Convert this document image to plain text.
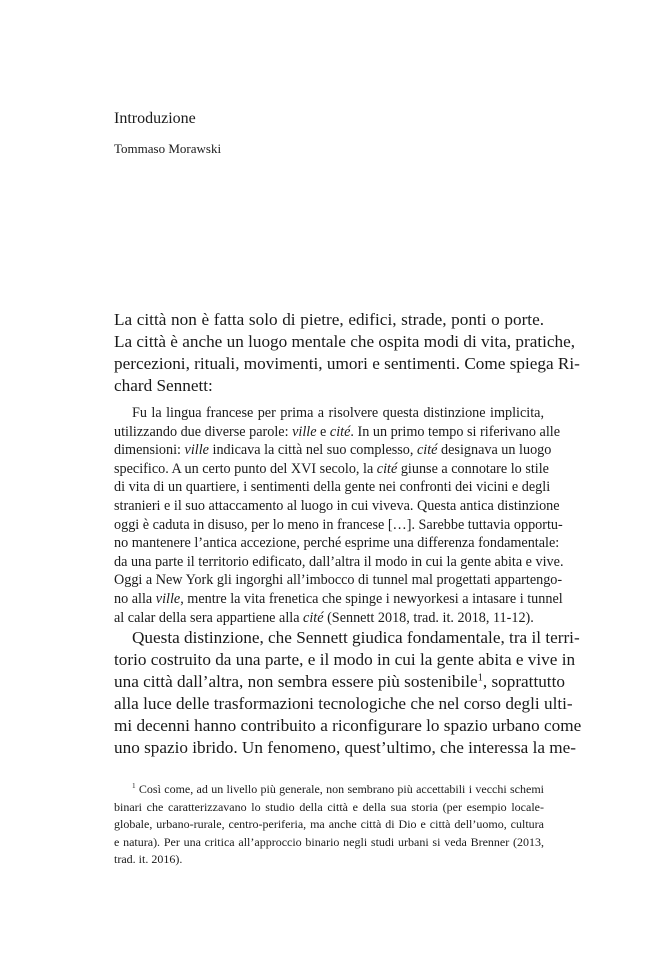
Introduzione

Tommaso Morawski

La città non è fatta solo di pietre, edifici, strade, ponti o porte.
La città è anche un luogo mentale che ospita modi di vita, pratiche,
percezioni, rituali, movimenti, umori e sentimenti. Come spiega Ri-
chard Sennett:
Fu la lingua francese per prima a risolvere questa distinzione implicita,
utilizzando due diverse parole: ville e cité. In un primo tempo si riferivano alle
dimensioni: ville indicava la città nel suo complesso, cité designava un luogo
specifico. A un certo punto del XVI secolo, la cité giunse a connotare lo stile
di vita di un quartiere, i sentimenti della gente nei confronti dei vicini e degli
stranieri e il suo attaccamento al luogo in cui viveva. Questa antica distinzione
oggi è caduta in disuso, per lo meno in francese […]. Sarebbe tuttavia opportu-
no mantenere l’antica accezione, perché esprime una differenza fondamentale:
da una parte il territorio edificato, dall’altra il modo in cui la gente abita e vive.
Oggi a New York gli ingorghi all’imbocco di tunnel mal progettati appartengo-
no alla ville, mentre la vita frenetica che spinge i newyorkesi a intasare i tunnel
al calar della sera appartiene alla cité (Sennett 2018, trad. it. 2018, 11-12).
Questa distinzione, che Sennett giudica fondamentale, tra il terri-
torio costruito da una parte, e il modo in cui la gente abita e vive in
una città dall’altra, non sembra essere più sostenibile$^1$, soprattutto
alla luce delle trasformazioni tecnologiche che nel corso degli ulti-
mi decenni hanno contribuito a riconfigurare lo spazio urbano come
uno spazio ibrido. Un fenomeno, quest’ultimo, che interessa la me-
$^1$ Così come, ad un livello più generale, non sembrano più accettabili i vecchi schemi
binari che caratterizzavano lo studio della città e della sua storia (per esempio locale-
globale, urbano-rurale, centro-periferia, ma anche città di Dio e città dell’uomo, cultura
e natura). Per una critica all’approccio binario negli studi urbani si veda Brenner (2013,
trad. it. 2016).
